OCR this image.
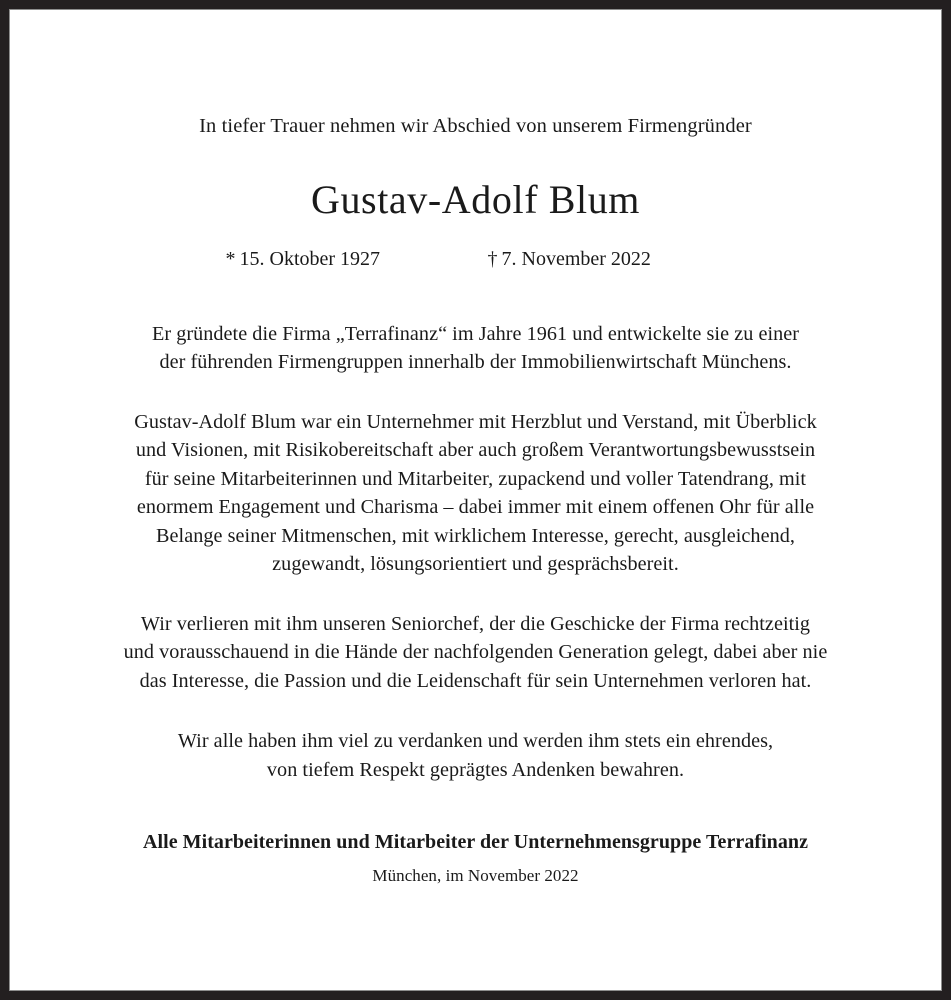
In tiefer Trauer nehmen wir Abschied von unserem Firmengründer
Gustav-Adolf Blum
* 15. Oktober 1927	† 7. November 2022
Er gründete die Firma „Terrafinanz“ im Jahre 1961 und entwickelte sie zu einer
der führenden Firmengruppen innerhalb der Immobilienwirtschaft Münchens.
Gustav-Adolf Blum war ein Unternehmer mit Herzblut und Verstand, mit Überblick
und Visionen, mit Risikobereitschaft aber auch großem Verantwortungsbewusstsein
für seine Mitarbeiterinnen und Mitarbeiter, zupackend und voller Tatendrang, mit
enormem Engagement und Charisma – dabei immer mit einem offenen Ohr für alle
Belange seiner Mitmenschen, mit wirklichem Interesse, gerecht, ausgleichend,
zugewandt, lösungsorientiert und gesprächsbereit.
Wir verlieren mit ihm unseren Seniorchef, der die Geschicke der Firma rechtzeitig
und vorausschauend in die Hände der nachfolgenden Generation gelegt, dabei aber nie
das Interesse, die Passion und die Leidenschaft für sein Unternehmen verloren hat.
Wir alle haben ihm viel zu verdanken und werden ihm stets ein ehrendes,
von tiefem Respekt geprägtes Andenken bewahren.
Alle Mitarbeiterinnen und Mitarbeiter der Unternehmensgruppe Terrafinanz
München, im November 2022
